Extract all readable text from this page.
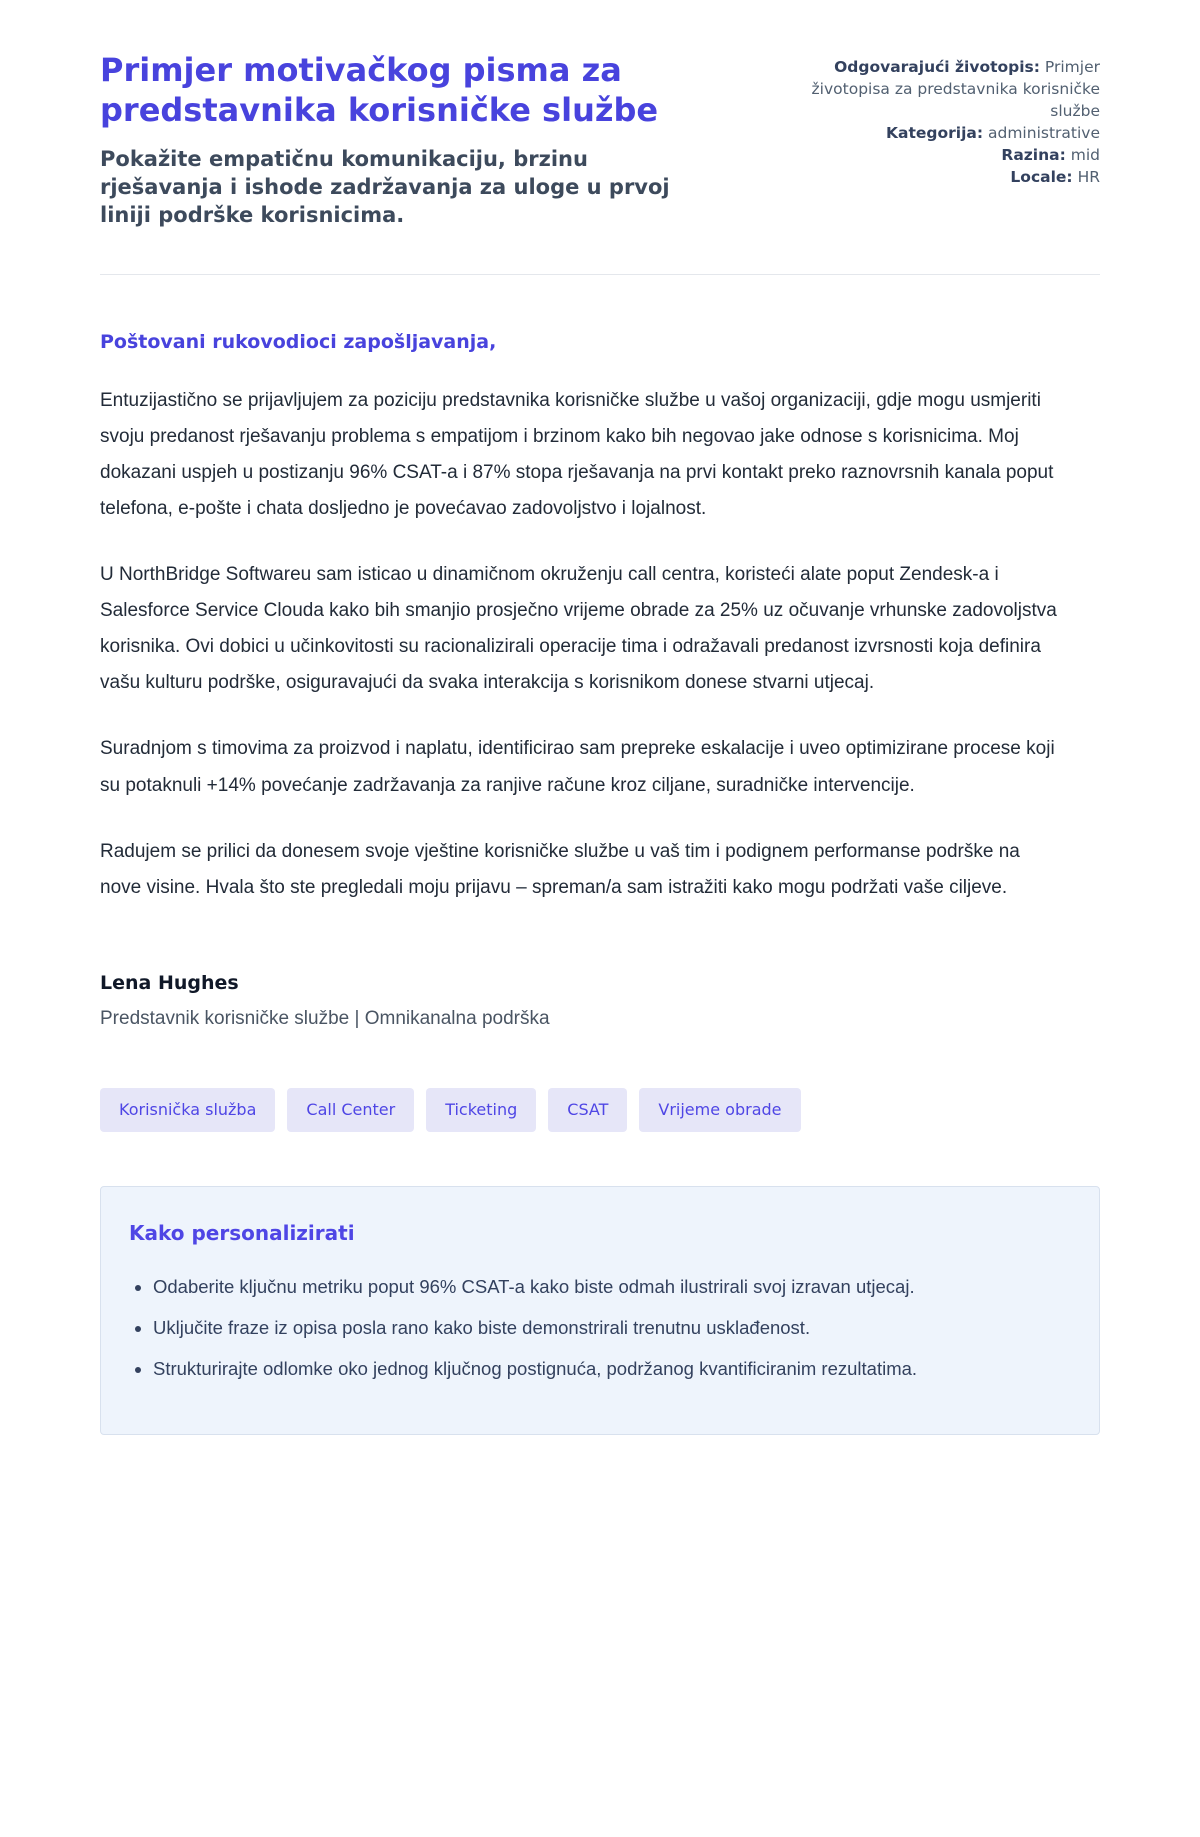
Primjer motivačkog pisma za predstavnika korisničke službe

Pokažite empatičnu komunikaciju, brzinu rješavanja i ishode zadržavanja za uloge u prvoj liniji podrške korisnicima.

Odgovarajući životopis: Primjer životopisa za predstavnika korisničke službe
Kategorija: administrative
Razina: mid
Locale: HR

Poštovani rukovodioci zapošljavanja,

Entuzijastično se prijavljujem za poziciju predstavnika korisničke službe u vašoj organizaciji, gdje mogu usmjeriti svoju predanost rješavanju problema s empatijom i brzinom kako bih negovao jake odnose s korisnicima. Moj dokazani uspjeh u postizanju 96% CSAT-a i 87% stopa rješavanja na prvi kontakt preko raznovrsnih kanala poput telefona, e-pošte i chata dosljedno je povećavao zadovoljstvo i lojalnost.

U NorthBridge Softwareu sam isticao u dinamičnom okruženju call centra, koristeći alate poput Zendesk-a i Salesforce Service Clouda kako bih smanjio prosječno vrijeme obrade za 25% uz očuvanje vrhunske zadovoljstva korisnika. Ovi dobici u učinkovitosti su racionalizirali operacije tima i odražavali predanost izvrsnosti koja definira vašu kulturu podrške, osiguravajući da svaka interakcija s korisnikom donese stvarni utjecaj.

Suradnjom s timovima za proizvod i naplatu, identificirao sam prepreke eskalacije i uveo optimizirane procese koji su potaknuli +14% povećanje zadržavanja za ranjive račune kroz ciljane, suradničke intervencije.

Radujem se prilici da donesem svoje vještine korisničke službe u vaš tim i podignem performanse podrške na nove visine. Hvala što ste pregledali moju prijavu – spreman/a sam istražiti kako mogu podržati vaše ciljeve.

Lena Hughes

Predstavnik korisničke službe | Omnikanalna podrška

Korisnička služba	Call Center	Ticketing	CSAT	Vrijeme obrade
Kako personalizirati
• Odaberite ključnu metriku poput 96% CSAT-a kako biste odmah ilustrirali svoj izravan utjecaj.
• Uključite fraze iz opisa posla rano kako biste demonstrirali trenutnu usklađenost.
• Strukturirajte odlomke oko jednog ključnog postignuća, podržanog kvantificiranim rezultatima.
